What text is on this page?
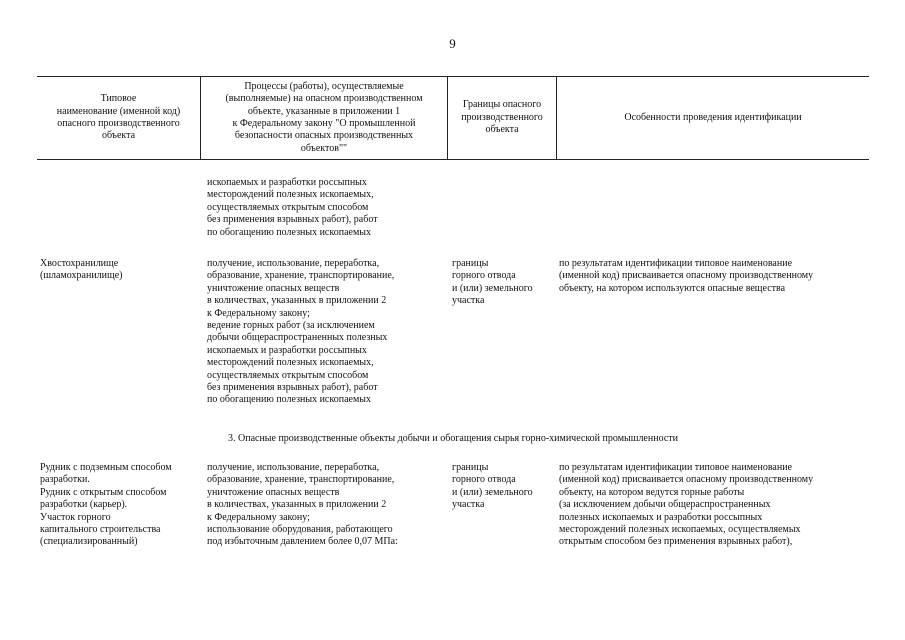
9
Типовое
наименование (именной код)
опасного производственного
объекта
Процессы (работы), осуществляемые
(выполняемые) на опасном производственном
объекте, указанные в приложении 1
к Федеральному закону "О промышленной
безопасности опасных производственных
объектов""
Границы опасного
производственного
объекта
Особенности проведения идентификации
ископаемых и разработки россыпных
месторождений полезных ископаемых,
осуществляемых открытым способом
без применения взрывных работ), работ
по обогащению полезных ископаемых
Хвостохранилище
(шламохранилище)
получение, использование, переработка,
образование, хранение, транспортирование,
уничтожение опасных веществ
в количествах, указанных в приложении 2
к Федеральному закону;
ведение горных работ (за исключением
добычи общераспространенных полезных
ископаемых и разработки россыпных
месторождений полезных ископаемых,
осуществляемых открытым способом
без применения взрывных работ), работ
по обогащению полезных ископаемых
границы
горного отвода
и (или) земельного
участка
по результатам идентификации типовое наименование
(именной код) присваивается опасному производственному
объекту, на котором используются опасные вещества
3. Опасные производственные объекты добычи и обогащения сырья горно-химической промышленности
Рудник с подземным способом
разработки.
Рудник с открытым способом
разработки (карьер).
Участок горного
капитального строительства
(специализированный)
получение, использование, переработка,
образование, хранение, транспортирование,
уничтожение опасных веществ
в количествах, указанных в приложении 2
к Федеральному закону;
использование оборудования, работающего
под избыточным давлением более 0,07 МПа:
границы
горного отвода
и (или) земельного
участка
по результатам идентификации типовое наименование
(именной код) присваивается опасному производственному
объекту, на котором ведутся горные работы
(за исключением добычи общераспространенных
полезных ископаемых и разработки россыпных
месторождений полезных ископаемых, осуществляемых
открытым способом без применения взрывных работ),
